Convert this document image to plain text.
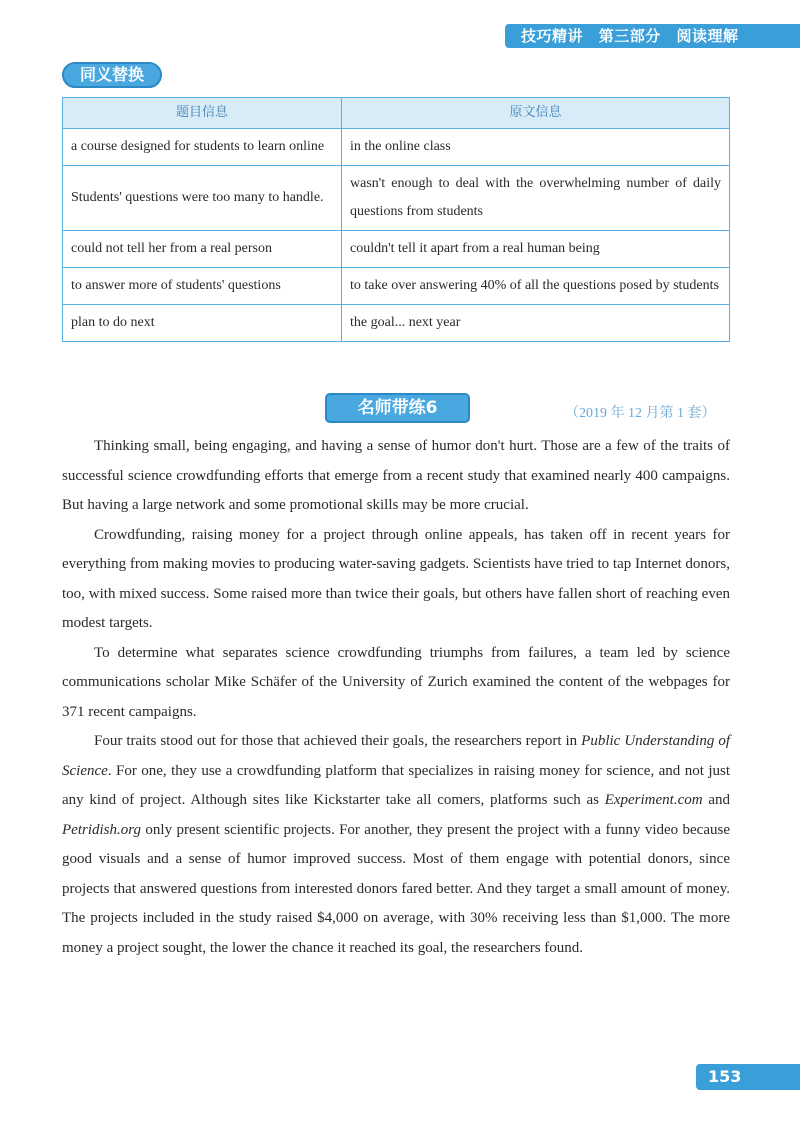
技巧精讲 第三部分 阅读理解
同义替换
题目信息	原文信息
a course designed for students to learn online	in the online class
Students' questions were too many to handle.	wasn't enough to deal with the overwhelming number of daily questions from students
could not tell her from a real person	couldn't tell it apart from a real human being
to answer more of students' questions	to take over answering 40% of all the questions posed by students
plan to do next	the goal... next year
名师带练6	（2019 年 12 月第 1 套）

Thinking small, being engaging, and having a sense of humor don't hurt. Those are a few of the traits of successful science crowdfunding efforts that emerge from a recent study that examined nearly 400 campaigns. But having a large network and some promotional skills may be more crucial.

Crowdfunding, raising money for a project through online appeals, has taken off in recent years for everything from making movies to producing water-saving gadgets. Scientists have tried to tap Internet donors, too, with mixed success. Some raised more than twice their goals, but others have fallen short of reaching even modest targets.

To determine what separates science crowdfunding triumphs from failures, a team led by science communications scholar Mike Schäfer of the University of Zurich examined the content of the webpages for 371 recent campaigns.

Four traits stood out for those that achieved their goals, the researchers report in Public Understanding of Science. For one, they use a crowdfunding platform that specializes in raising money for science, and not just any kind of project. Although sites like Kickstarter take all comers, platforms such as Experiment.com and Petridish.org only present scientific projects. For another, they present the project with a funny video because good visuals and a sense of humor improved success. Most of them engage with potential donors, since projects that answered questions from interested donors fared better. And they target a small amount of money. The projects included in the study raised $4,000 on average, with 30% receiving less than $1,000. The more money a project sought, the lower the chance it reached its goal, the researchers found.

153
